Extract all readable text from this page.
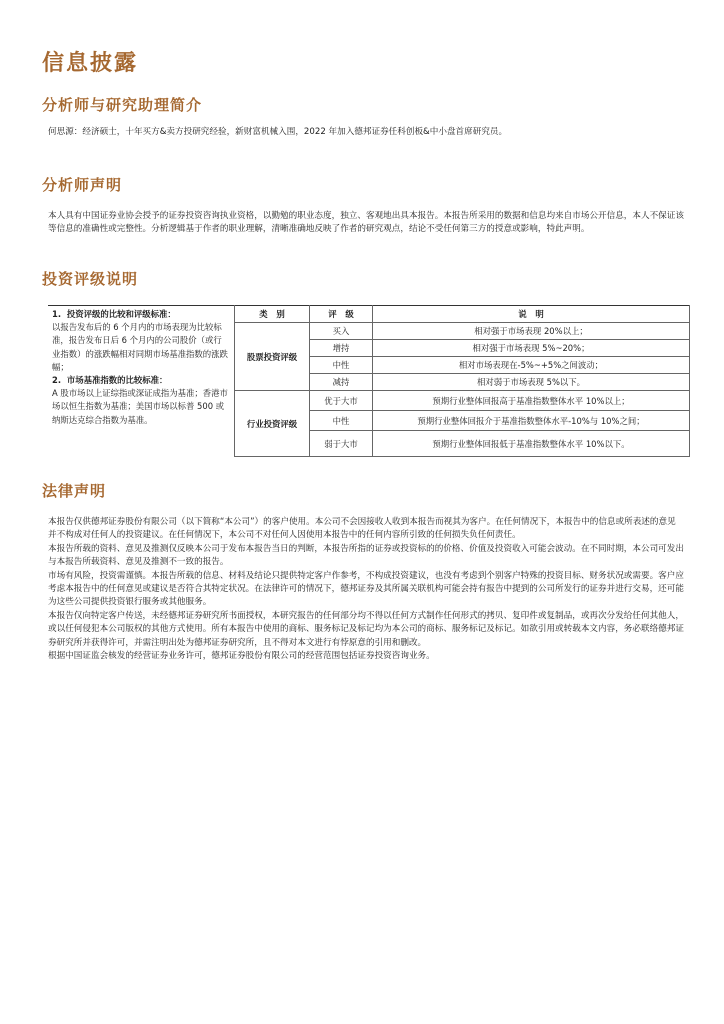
信息披露
分析师与研究助理简介

何思源：经济硕士，十年买方&卖方投研究经验，新财富机械入围，2022 年加入德邦证券任科创板&中小盘首席研究员。

分析师声明

本人具有中国证券业协会授予的证券投资咨询执业资格，以勤勉的职业态度，独立、客观地出具本报告。本报告所采用的数据和信息均来自市场公开信息，本人不保证该等信息的准确性或完整性。分析逻辑基于作者的职业理解，清晰准确地反映了作者的研究观点，结论不受任何第三方的授意或影响，特此声明。

投资评级说明
1.  投资评级的比较和评级标准：
以报告发布后的 6 个月内的市场表现为比较标准，报告发布日后 6 个月内的公司股价（或行业指数）的涨跌幅相对同期市场基准指数的涨跌幅；
2.  市场基准指数的比较标准：
A 股市场以上证综指或深证成指为基准；香港市场以恒生指数为基准；美国市场以标普 500 或纳斯达克综合指数为基准。	类   别	评   级	说   明
	股票投资评级	买入	相对强于市场表现 20%以上；
		增持	相对强于市场表现 5%~20%；
		中性	相对市场表现在-5%~+5%之间波动；
		减持	相对弱于市场表现 5%以下。
	行业投资评级	优于大市	预期行业整体回报高于基准指数整体水平 10%以上；
		中性	预期行业整体回报介于基准指数整体水平-10%与 10%之间；
		弱于大市	预期行业整体回报低于基准指数整体水平 10%以下。

法律声明

本报告仅供德邦证券股份有限公司（以下简称“本公司”）的客户使用。本公司不会因接收人收到本报告而视其为客户。在任何情况下，本报告中的信息或所表述的意见并不构成对任何人的投资建议。在任何情况下，本公司不对任何人因使用本报告中的任何内容所引致的任何损失负任何责任。

本报告所载的资料、意见及推测仅反映本公司于发布本报告当日的判断，本报告所指的证券或投资标的的价格、价值及投资收入可能会波动。在不同时期，本公司可发出与本报告所载资料、意见及推测不一致的报告。

市场有风险，投资需谨慎。本报告所载的信息、材料及结论只提供特定客户作参考，不构成投资建议，也没有考虑到个别客户特殊的投资目标、财务状况或需要。客户应考虑本报告中的任何意见或建议是否符合其特定状况。在法律许可的情况下，德邦证券及其所属关联机构可能会持有报告中提到的公司所发行的证券并进行交易，还可能为这些公司提供投资银行服务或其他服务。

本报告仅向特定客户传送，未经德邦证券研究所书面授权，本研究报告的任何部分均不得以任何方式制作任何形式的拷贝、复印件或复制品，或再次分发给任何其他人，或以任何侵犯本公司版权的其他方式使用。所有本报告中使用的商标、服务标记及标记均为本公司的商标、服务标记及标记。如欲引用或转载本文内容，务必联络德邦证券研究所并获得许可，并需注明出处为德邦证券研究所，且不得对本文进行有悖原意的引用和删改。

根据中国证监会核发的经营证券业务许可，德邦证券股份有限公司的经营范围包括证券投资咨询业务。
